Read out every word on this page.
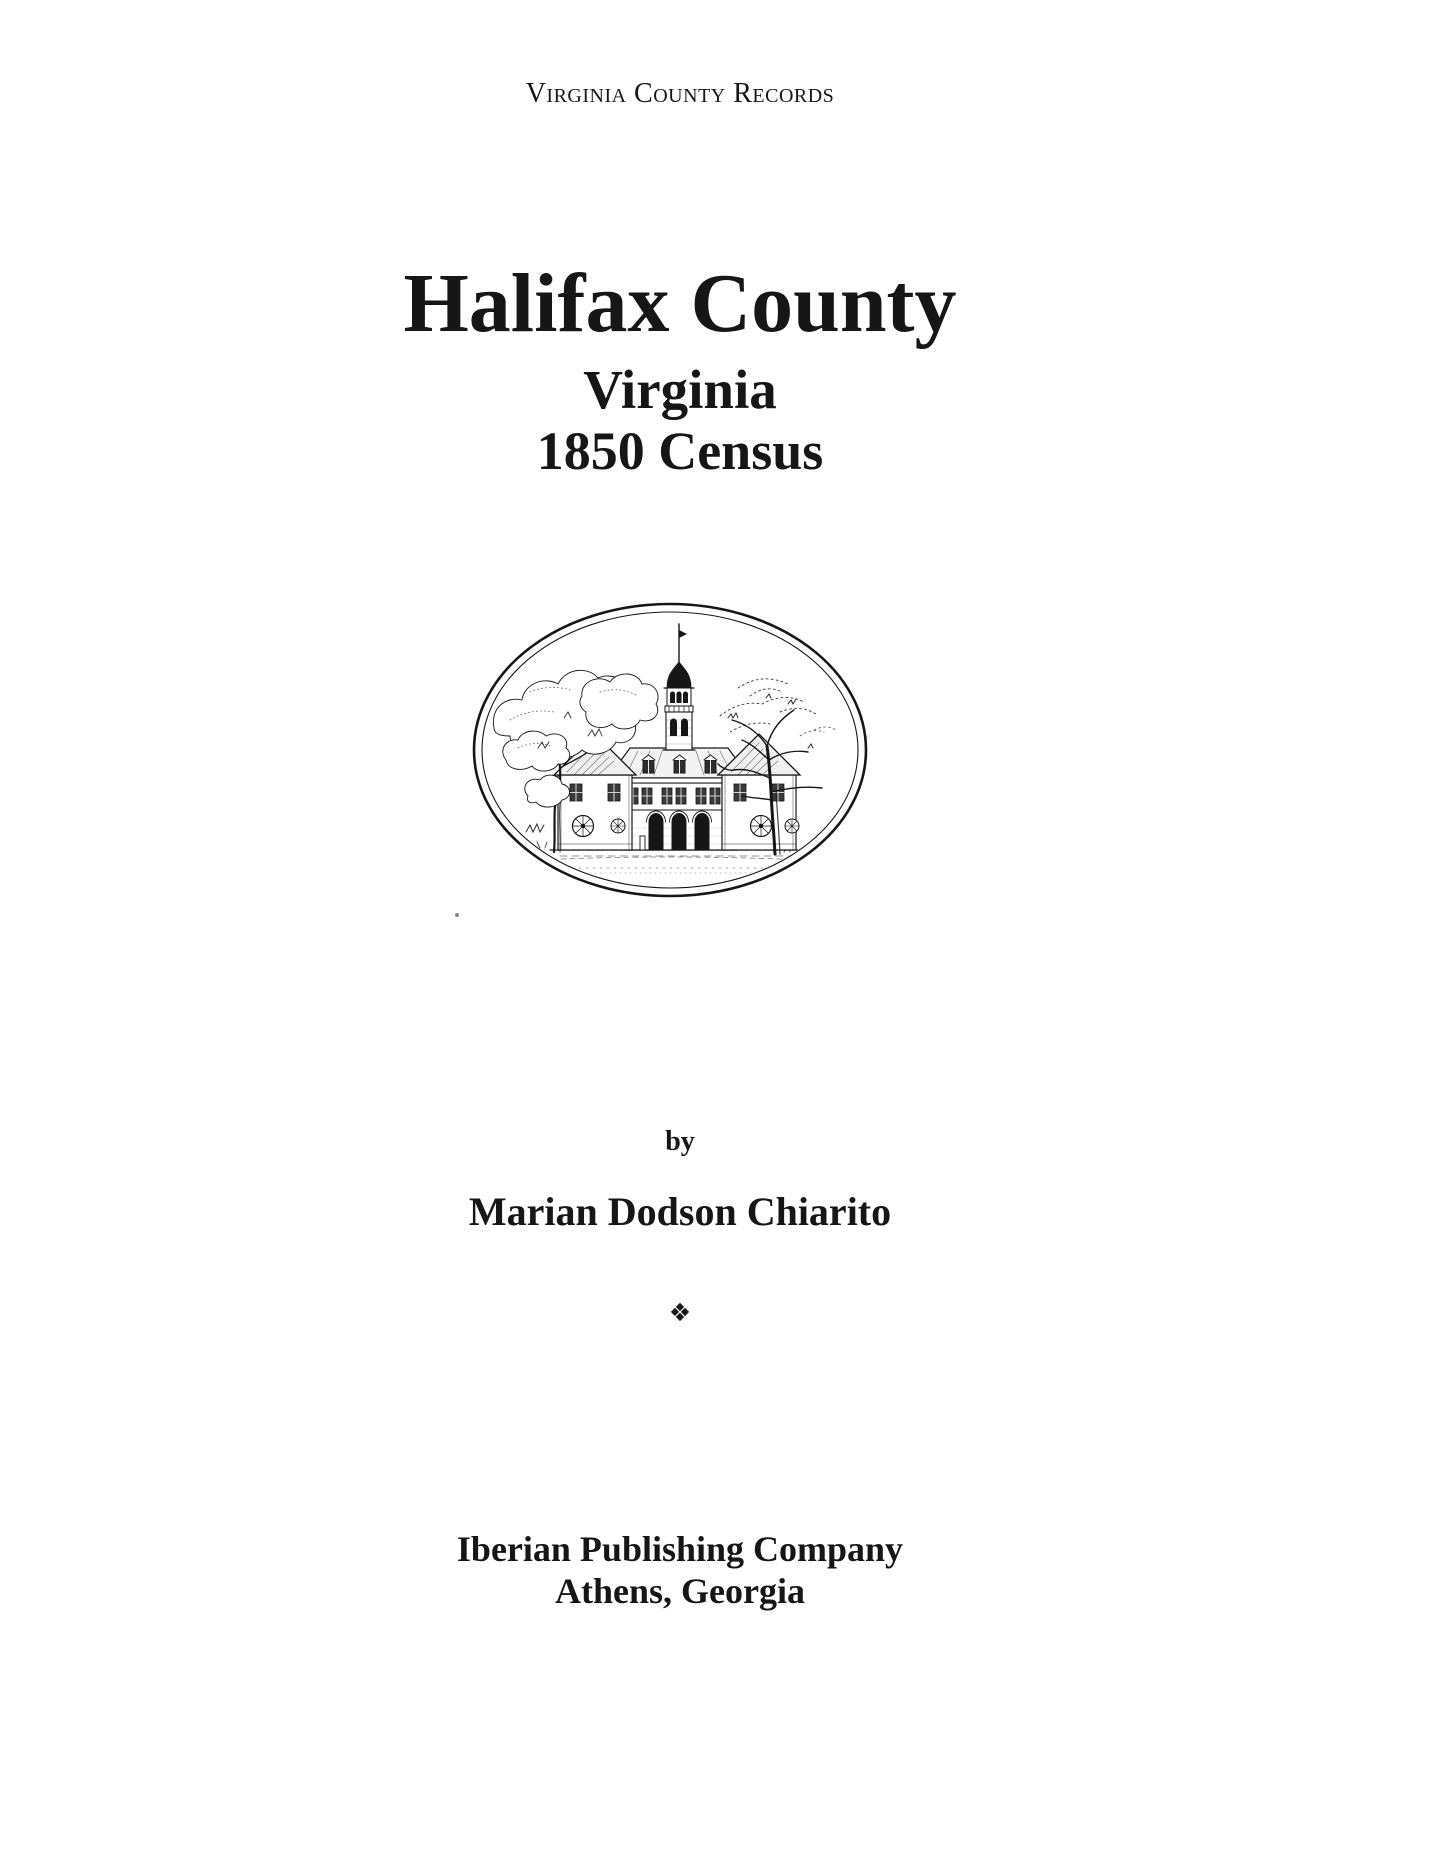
Virginia County Records
Halifax County
Virginia
1850 Census
by
Marian Dodson Chiarito
❖
Iberian Publishing Company
Athens, Georgia
